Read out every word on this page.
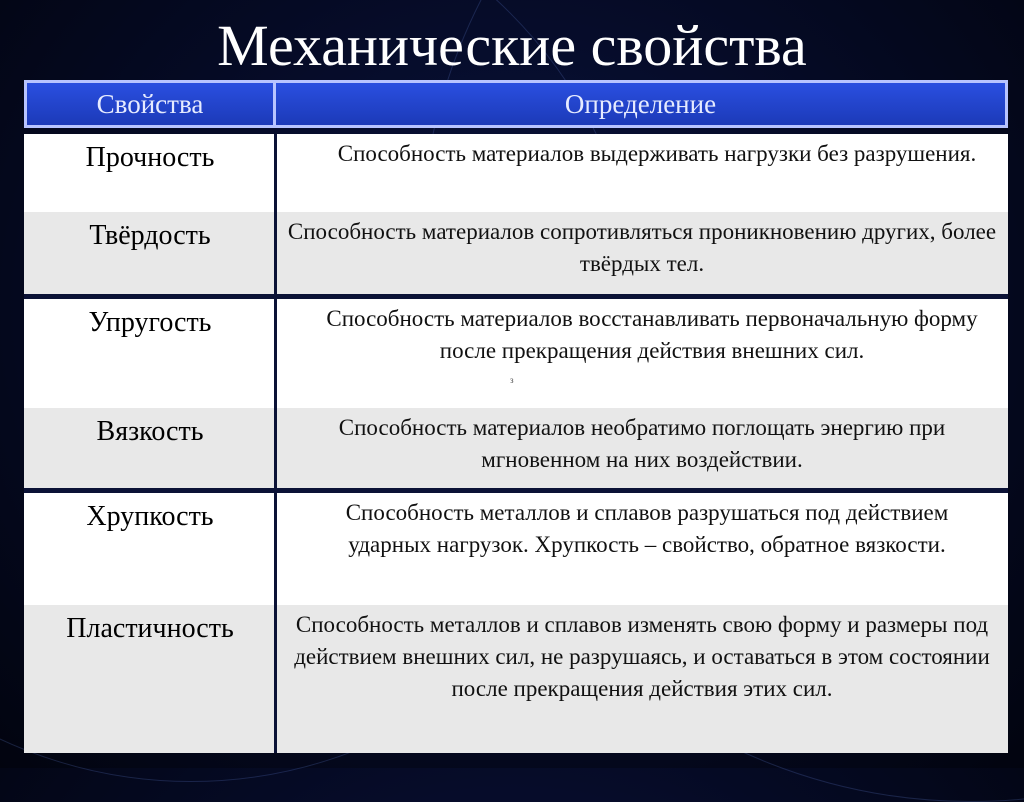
Механические свойства
Свойства	Определение
Прочность	Способность материалов выдерживать нагрузки без разрушения.
Твёрдость	Способность материалов сопротивляться проникновению других, более твёрдых тел.
Упругость	Способность материалов восстанавливать первоначальную форму после прекращения действия внешних сил.
з
Вязкость	Способность материалов необратимо поглощать энергию при мгновенном на них воздействии.
Хрупкость	Способность металлов и сплавов разрушаться под действием ударных нагрузок. Хрупкость – свойство, обратное вязкости.
Пластичность	Способность металлов и сплавов изменять свою форму и размеры под действием внешних сил, не разрушаясь, и оставаться в этом состоянии после прекращения действия этих сил.
